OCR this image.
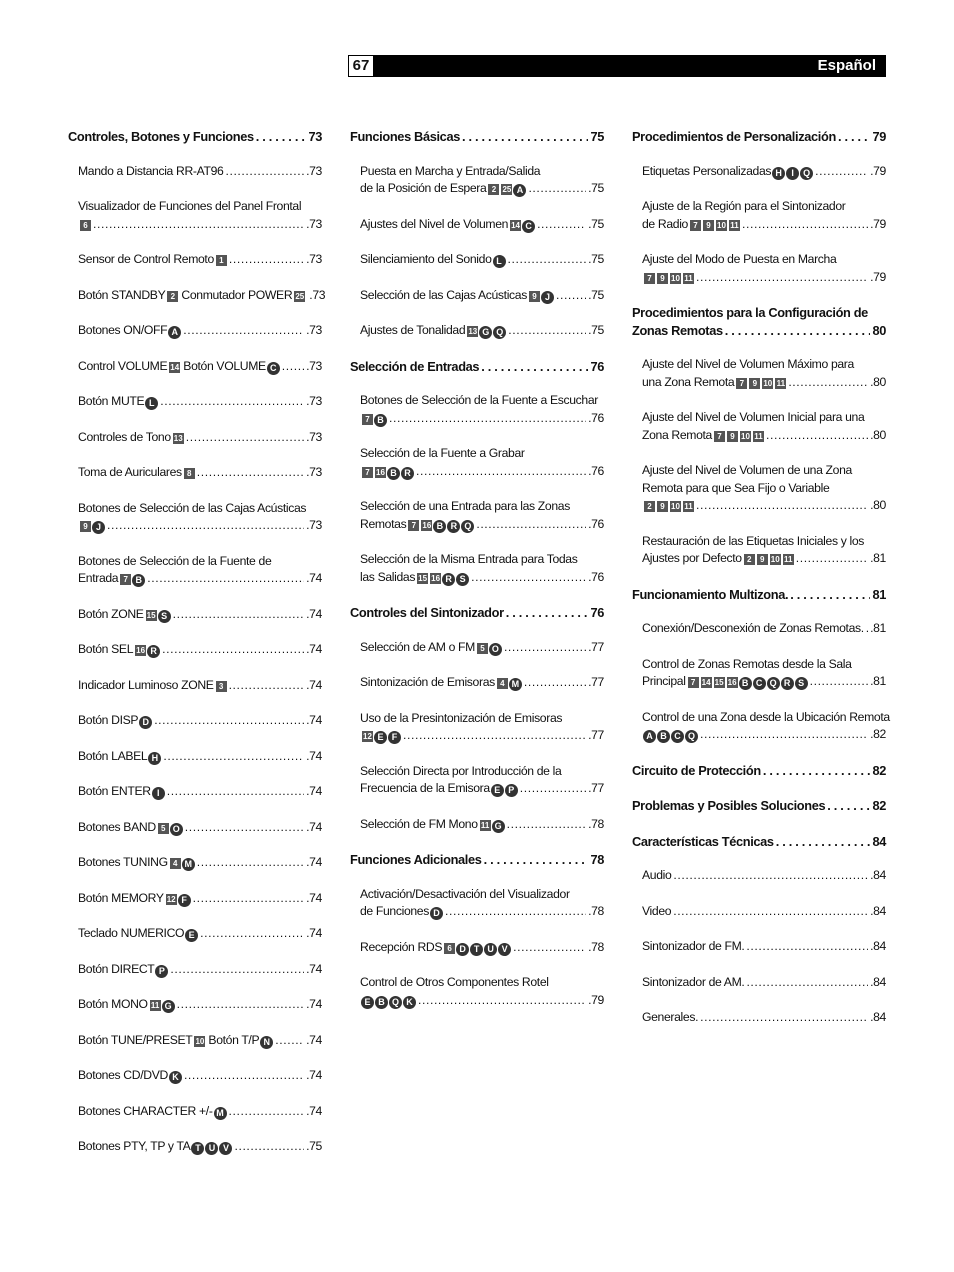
67	Español
Controles, Botones y Funciones . . .	73
Mando a Distancia RR-AT96 .....	.73
Visualizador de Funciones del Panel Frontal
6 .....	.73
Sensor de Control Remoto 1 .....	.73
Botón STANDBY 2 Conmutador POWER 25 .73
Botones ON/OFF A .....	.73
Control VOLUME 14 Botón VOLUME C ..... .73
Botón MUTE L .....	.73
Controles de Tono 13 .....	.73
Toma de Auriculares 8 .....	.73
Botones de Selección de las Cajas Acústicas
9 J .....	.73
Botones de Selección de la Fuente de
Entrada 7 B .....	.74
Botón ZONE 15 S .....	.74
Botón SEL 16 R .....	.74
Indicador Luminoso ZONE 3 .....	.74
Botón DISP D .....	.74
Botón LABEL H .....	.74
Botón ENTER I .....	.74
Botones BAND 5 O .....	.74
Botones TUNING 4 M .....	.74
Botón MEMORY 12 F .....	.74
Teclado NUMERICO E .....	.74
Botón DIRECT P .....	.74
Botón MONO 11 G .....	.74
Botón TUNE/PRESET 10 Botón T/P N .....	.74
Botones CD/DVD K .....	.74
Botones CHARACTER +/- M .....	.74
Botones PTY, TP y TA T U V .....	.75
Funciones Básicas . . .	75
Puesta en Marcha y Entrada/Salida
de la Posición de Espera 2 25 A .....	.75
Ajustes del Nivel de Volumen 14 C .....	.75
Silenciamiento del Sonido L .....	.75
Selección de las Cajas Acústicas 9 J .....	.75
Ajustes de Tonalidad 13 G Q .....	.75
Selección de Entradas . . .	76
Botones de Selección de la Fuente a Escuchar
7 B .....	.76
Selección de la Fuente a Grabar
7 16 B R .....	.76
Selección de una Entrada para las Zonas
Remotas 7 16 B R Q .....	.76
Selección de la Misma Entrada para Todas
las Salidas 15 16 R S .....	.76
Controles del Sintonizador . . .	76
Selección de AM o FM 5 O .....	.77
Sintonización de Emisoras 4 M .....	.77
Uso de la Presintonización de Emisoras
12 E F .....	.77
Selección Directa por Introducción de la
Frecuencia de la Emisora E P .....	.77
Selección de FM Mono 11 G .....	.78
Funciones Adicionales . . .	78
Activación/Desactivación del Visualizador
de Funciones D .....	.78
Recepción RDS 6 D T U V .....	.78
Control de Otros Componentes Rotel
E B Q K .....	.79
Procedimientos de Personalización . . .	79
Etiquetas Personalizadas H I Q .....	.79
Ajuste de la Región para el Sintonizador
de Radio 7 9 10 11 .....	.79
Ajuste del Modo de Puesta en Marcha
7 9 10 11 .....	.79
Procedimientos para la Configuración de
Zonas Remotas . . .	80
Ajuste del Nivel de Volumen Máximo para
una Zona Remota 7 9 10 11 .....	.80
Ajuste del Nivel de Volumen Inicial para una
Zona Remota 7 9 10 11 .....	.80
Ajuste del Nivel de Volumen de una Zona
Remota para que Sea Fijo o Variable
2 9 10 11 .....	.80
Restauración de las Etiquetas Iniciales y los
Ajustes por Defecto 2 9 10 11 .....	.81
Funcionamiento Multizona. . . .	81
Conexión/Desconexión de Zonas Remotas. ..... .81
Control de Zonas Remotas desde la Sala
Principal 7 14 15 16 B C Q R S .....	.81
Control de una Zona desde la Ubicación Remota
A B C Q .....	.82
Circuito de Protección . . .	82
Problemas y Posibles Soluciones . . .	82
Características Técnicas . . .	84
Audio .....	.84
Video .....	.84
Sintonizador de FM. .....	.84
Sintonizador de AM. .....	.84
Generales. .....	.84
